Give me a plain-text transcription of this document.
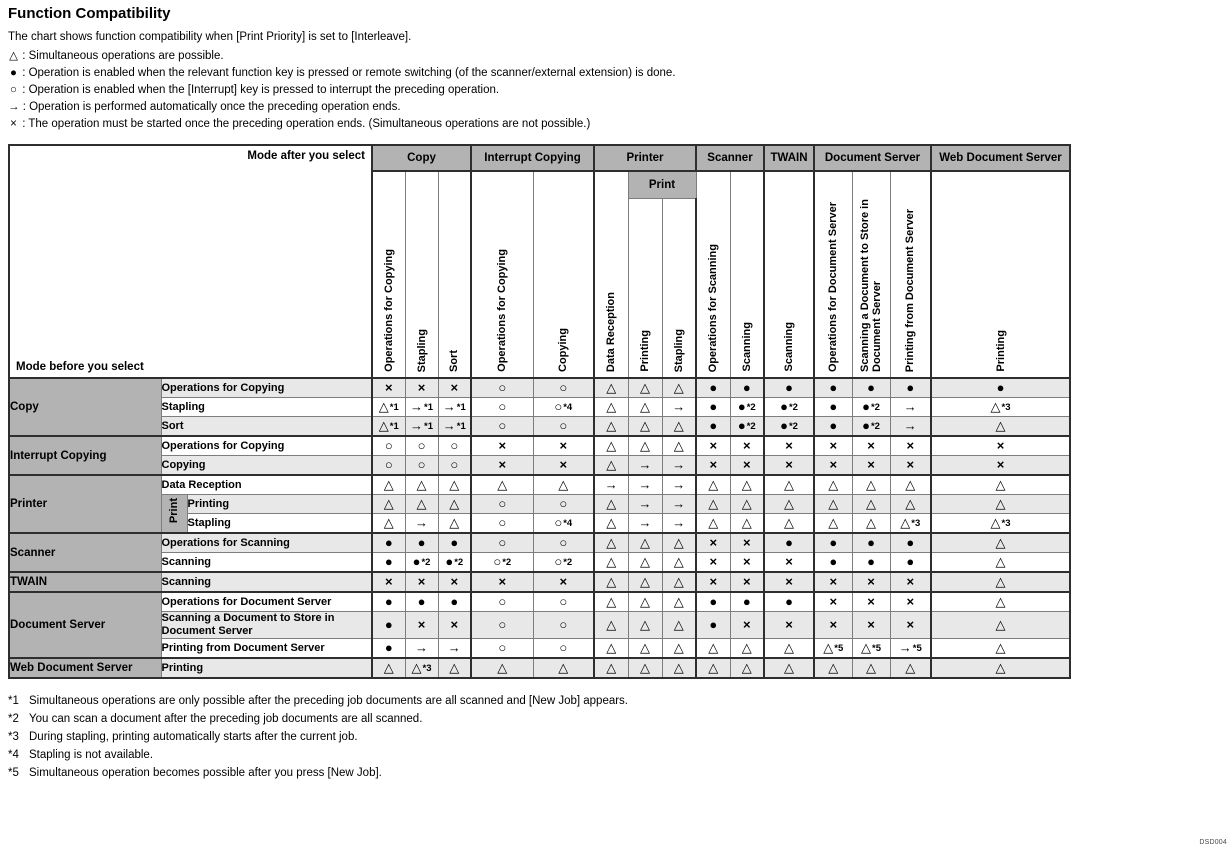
Function Compatibility

The chart shows function compatibility when [Print Priority] is set to [Interleave].

△ : Simultaneous operations are possible.
● : Operation is enabled when the relevant function key is pressed or remote switching (of the scanner/external extension) is done.
○ : Operation is enabled when the [Interrupt] key is pressed to interrupt the preceding operation.
→ : Operation is performed automatically once the preceding operation ends.
× : The operation must be started once the preceding operation ends. (Simultaneous operations are not possible.)
Mode after you select
Mode before you select			Copy			Interrupt Copying		Printer			Scanner		TWAIN	Document Server			Web Document Server
			Operations for Copying	Stapling	Sort	Operations for Copying	Copying	Data Reception	Print		Operations for Scanning	Scanning	Scanning	Operations for Document Server	Scanning a Document to Store in Document Server	Printing from Document Server	Printing
									Printing	Stapling							
Copy	Operations for Copying		×	×	×	○	○	△	△	△	●	●	●	●	●	●	●
	Stapling		△*1	→*1	→*1	○	○*4	△	△	→	●	●*2	●*2	●	●*2	→	△*3
	Sort		△*1	→*1	→*1	○	○	△	△	△	●	●*2	●*2	●	●*2	→	△
Interrupt Copying	Operations for Copying		○	○	○	×	×	△	△	△	×	×	×	×	×	×	×
	Copying		○	○	○	×	×	△	→	→	×	×	×	×	×	×	×
Printer	Data Reception		△	△	△	△	△	→	→	→	△	△	△	△	△	△	△
	Print	Printing	△	△	△	○	○	△	→	→	△	△	△	△	△	△	△
		Stapling	△	→	△	○	○*4	△	→	→	△	△	△	△	△	△*3	△*3
Scanner	Operations for Scanning		●	●	●	○	○	△	△	△	×	×	●	●	●	●	△
	Scanning		●	●*2	●*2	○*2	○*2	△	△	△	×	×	×	●	●	●	△
TWAIN	Scanning		×	×	×	×	×	△	△	△	×	×	×	×	×	×	△
Document Server	Operations for Document Server		●	●	●	○	○	△	△	△	●	●	●	×	×	×	△
	Scanning a Document to Store in Document Server		●	×	×	○	○	△	△	△	●	×	×	×	×	×	△
	Printing from Document Server		●	→	→	○	○	△	△	△	△	△	△	△*5	△*5	→*5	△
Web Document Server	Printing		△	△*3	△	△	△	△	△	△	△	△	△	△	△	△	△
*1 Simultaneous operations are only possible after the preceding job documents are all scanned and [New Job] appears.
*2 You can scan a document after the preceding job documents are all scanned.
*3 During stapling, printing automatically starts after the current job.
*4 Stapling is not available.
*5 Simultaneous operation becomes possible after you press [New Job].
DSD004
